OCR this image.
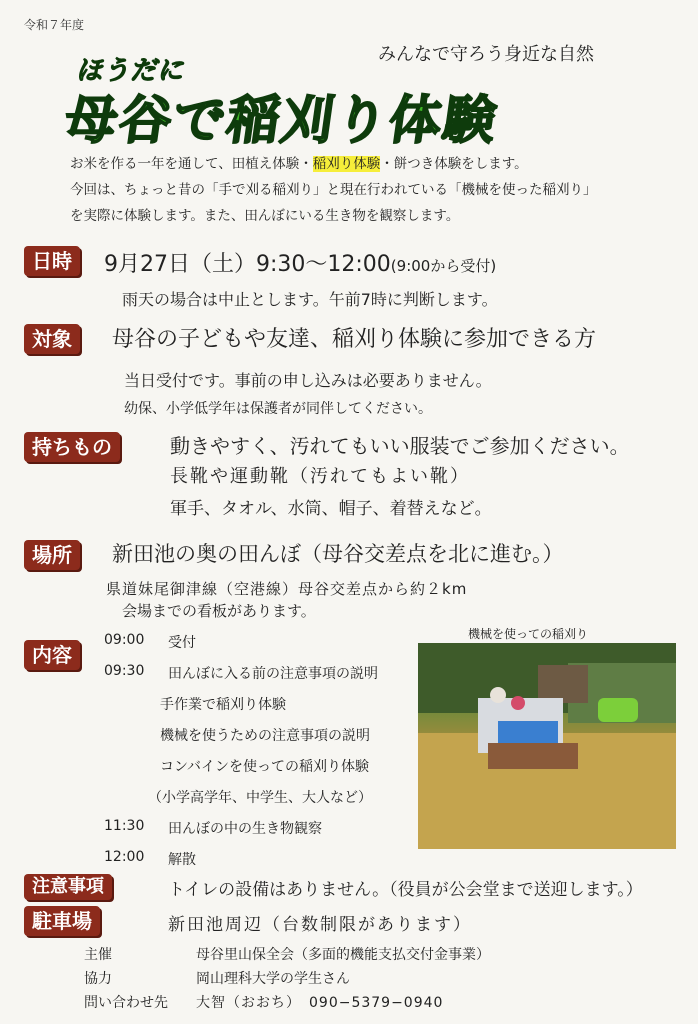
令和７年度
ほうだに
みんなで守ろう身近な自然
母谷で稲刈り体験
お米を作る一年を通して、田植え体験・稲刈り体験・餅つき体験をします。
今回は、ちょっと昔の「手で刈る稲刈り」と現在行われている「機械を使った稲刈り」
を実際に体験します。また、田んぼにいる生き物を観察します。
日時	9月27日（土）9:30〜12:00(9:00から受付)
雨天の場合は中止とします。午前7時に判断します。
対象	母谷の子どもや友達、稲刈り体験に参加できる方
当日受付です。事前の申し込みは必要ありません。
幼保、小学低学年は保護者が同伴してください。
持ちもの	動きやすく、汚れてもいい服装でご参加ください。
長靴や運動靴（汚れてもよい靴）
軍手、タオル、水筒、帽子、着替えなど。
場所	新田池の奥の田んぼ（母谷交差点を北に進む。）
県道妹尾御津線（空港線）母谷交差点から約２km
会場までの看板があります。
内容
09:00 受付
09:30 田んぼに入る前の注意事項の説明
手作業で稲刈り体験
機械を使うための注意事項の説明
コンバインを使っての稲刈り体験
（小学高学年、中学生、大人など）
11:30 田んぼの中の生き物観察
12:00 解散
機械を使っての稲刈り
注意事項	トイレの設備はありません。（役員が公会堂まで送迎します。）
駐車場	新田池周辺（台数制限があります）
主催	母谷里山保全会（多面的機能支払交付金事業）
協力	岡山理科大学の学生さん
問い合わせ先 大智（おおち）　090−5379−0940
